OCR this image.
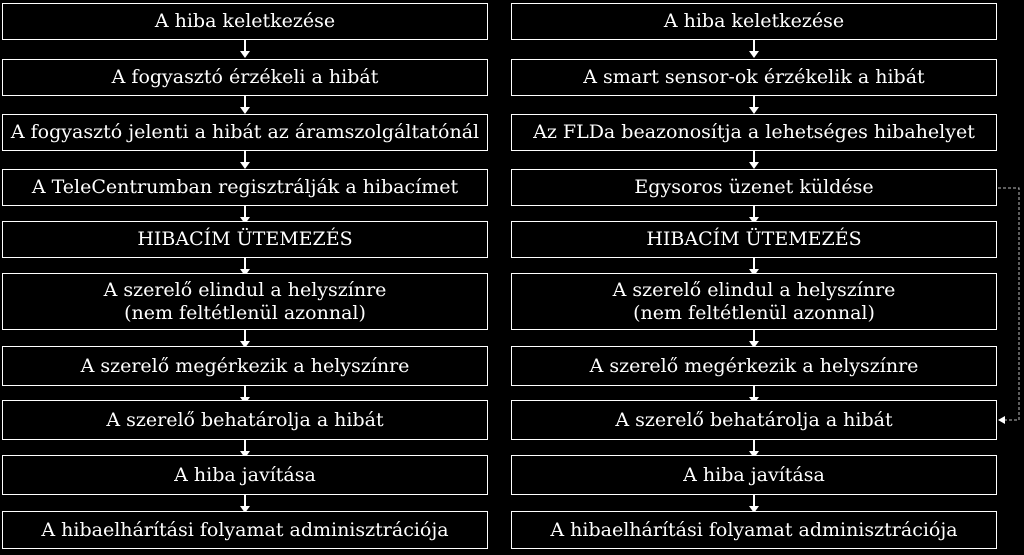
A hiba keletkezése
A fogyasztó érzékeli a hibát
A fogyasztó jelenti a hibát az áramszolgáltatónál
A TeleCentrumban regisztrálják a hibacímet
HIBACÍM ÜTEMEZÉS
A szerelő elindul a helyszínre
(nem feltétlenül azonnal)
A szerelő megérkezik a helyszínre
A szerelő behatárolja a hibát
A hiba javítása
A hibaelhárítási folyamat adminisztrációja
A hiba keletkezése
A smart sensor-ok érzékelik a hibát
Az FLDa beazonosítja a lehetséges hibahelyet
Egysoros üzenet küldése
HIBACÍM ÜTEMEZÉS
A szerelő elindul a helyszínre
(nem feltétlenül azonnal)
A szerelő megérkezik a helyszínre
A szerelő behatárolja a hibát
A hiba javítása
A hibaelhárítási folyamat adminisztrációja
